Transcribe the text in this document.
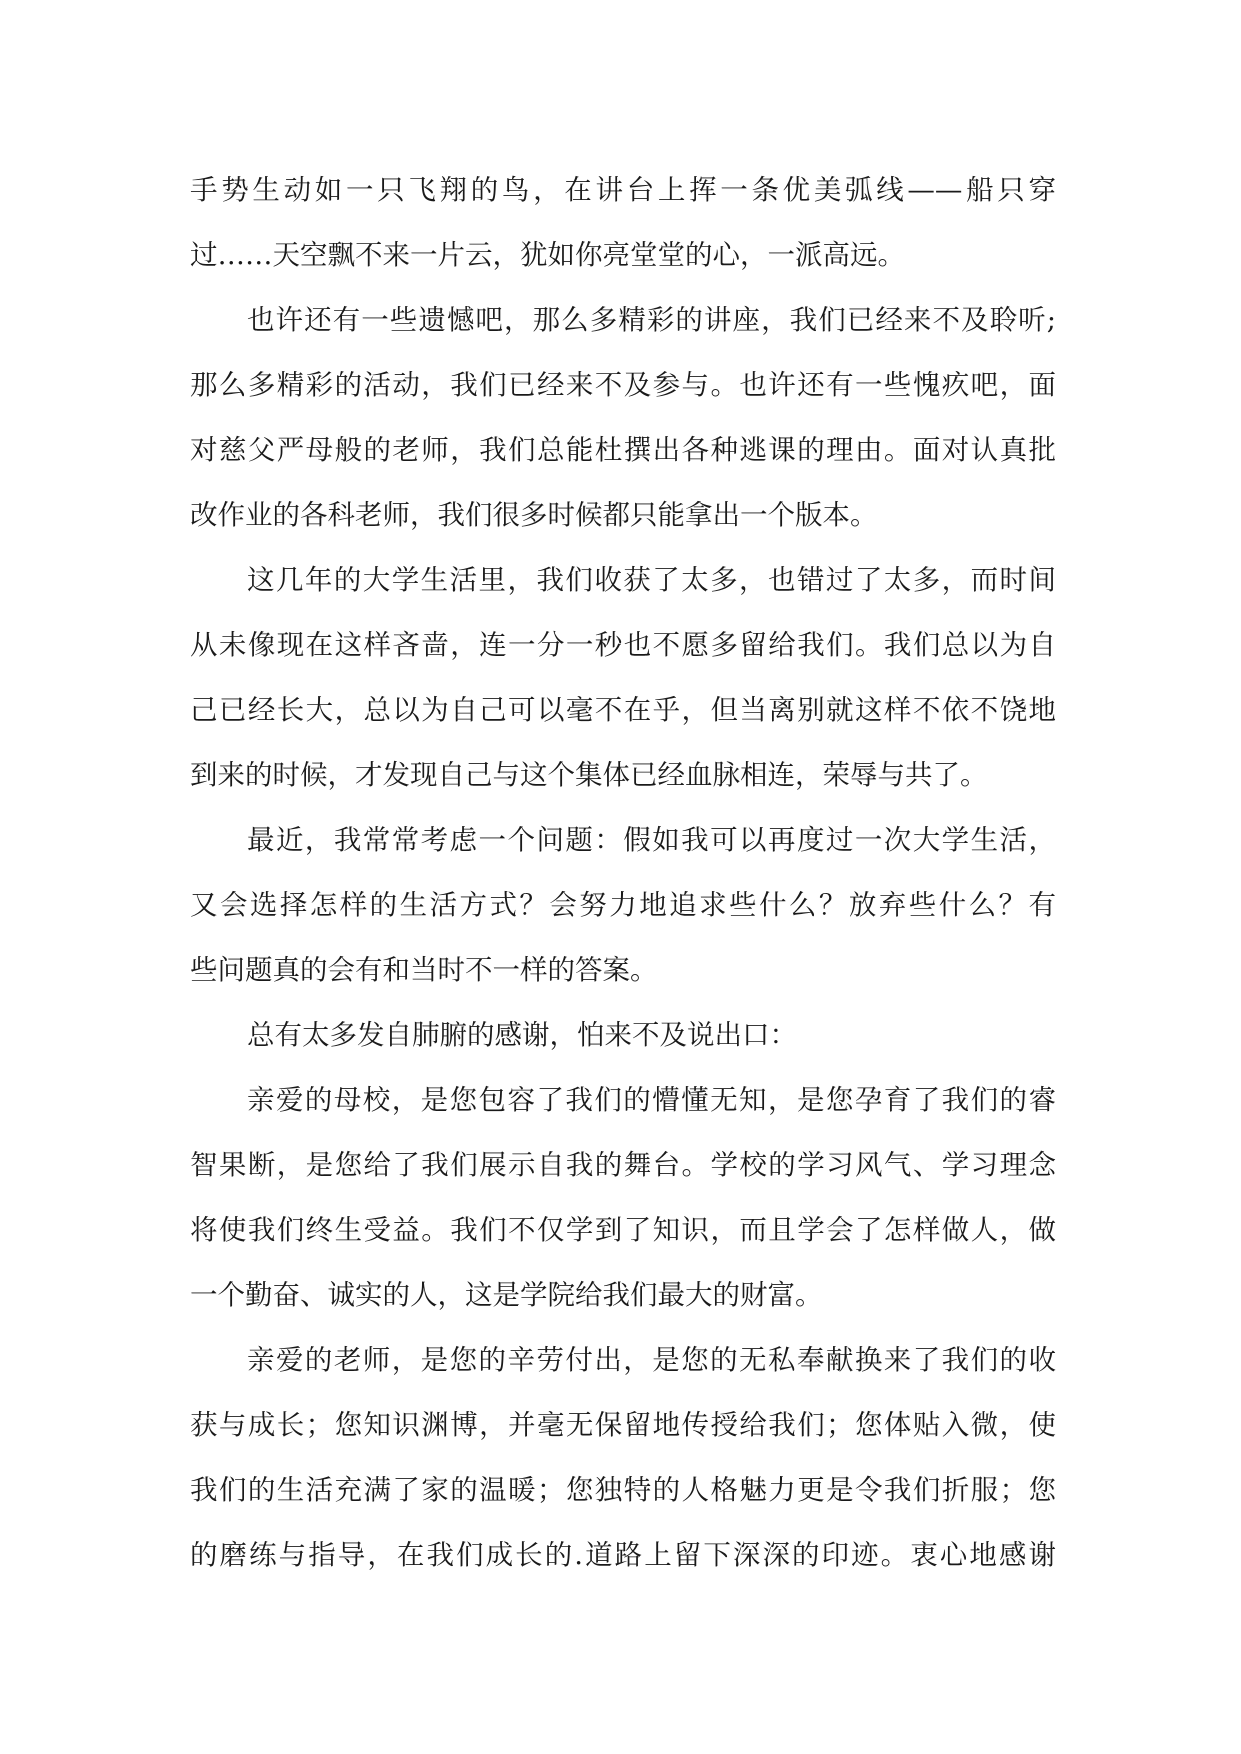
手势生动如一只飞翔的鸟，在讲台上挥一条优美弧线——船只穿
过……天空飘不来一片云，犹如你亮堂堂的心，一派高远。
也许还有一些遗憾吧，那么多精彩的讲座，我们已经来不及聆听;
那么多精彩的活动，我们已经来不及参与。也许还有一些愧疚吧，面
对慈父严母般的老师，我们总能杜撰出各种逃课的理由。面对认真批
改作业的各科老师，我们很多时候都只能拿出一个版本。
这几年的大学生活里，我们收获了太多，也错过了太多，而时间
从未像现在这样吝啬，连一分一秒也不愿多留给我们。我们总以为自
己已经长大，总以为自己可以毫不在乎，但当离别就这样不依不饶地
到来的时候，才发现自己与这个集体已经血脉相连，荣辱与共了。
最近，我常常考虑一个问题：假如我可以再度过一次大学生活，
又会选择怎样的生活方式？会努力地追求些什么？放弃些什么？有
些问题真的会有和当时不一样的答案。
总有太多发自肺腑的感谢，怕来不及说出口：
亲爱的母校，是您包容了我们的懵懂无知，是您孕育了我们的睿
智果断，是您给了我们展示自我的舞台。学校的学习风气、学习理念
将使我们终生受益。我们不仅学到了知识，而且学会了怎样做人，做
一个勤奋、诚实的人，这是学院给我们最大的财富。
亲爱的老师，是您的辛劳付出，是您的无私奉献换来了我们的收
获与成长；您知识渊博，并毫无保留地传授给我们；您体贴入微，使
我们的生活充满了家的温暖；您独特的人格魅力更是令我们折服；您
的磨练与指导，在我们成长的.道路上留下深深的印迹。衷心地感谢
